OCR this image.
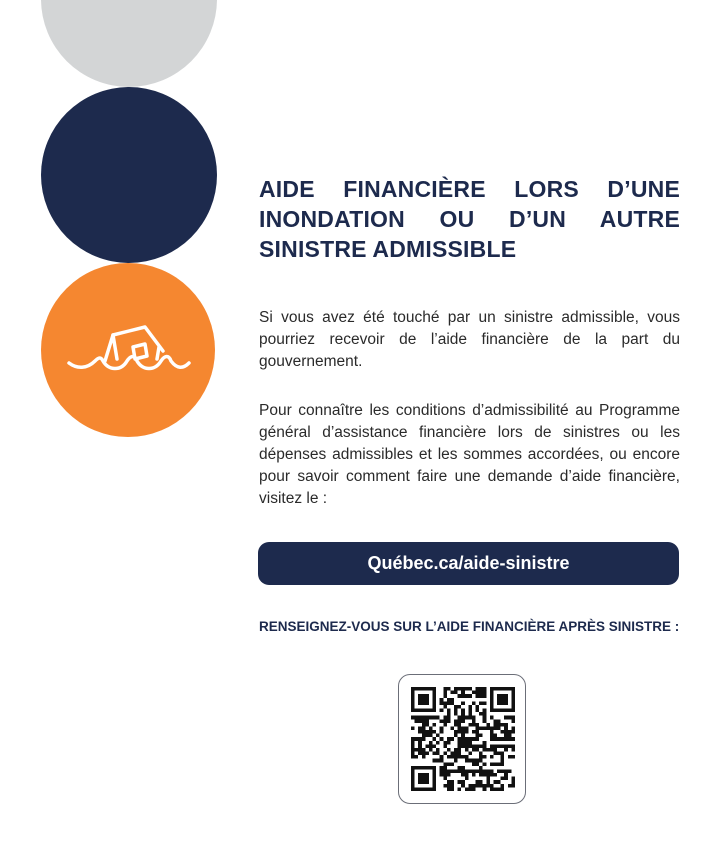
AIDE FINANCIÈRE LORS D’UNE INONDATION OU D’UN AUTRE SINISTRE ADMISSIBLE

Si vous avez été touché par un sinistre admissible, vous pourriez recevoir de l’aide financière de la part du gouvernement.

Pour connaître les conditions d’admissibilité au Programme général d’assistance financière lors de sinistres ou les dépenses admissibles et les sommes accordées, ou encore pour savoir comment faire une demande d’aide financière, visitez le :

Québec.ca/aide-sinistre

RENSEIGNEZ-VOUS SUR L’AIDE FINANCIÈRE APRÈS SINISTRE :
